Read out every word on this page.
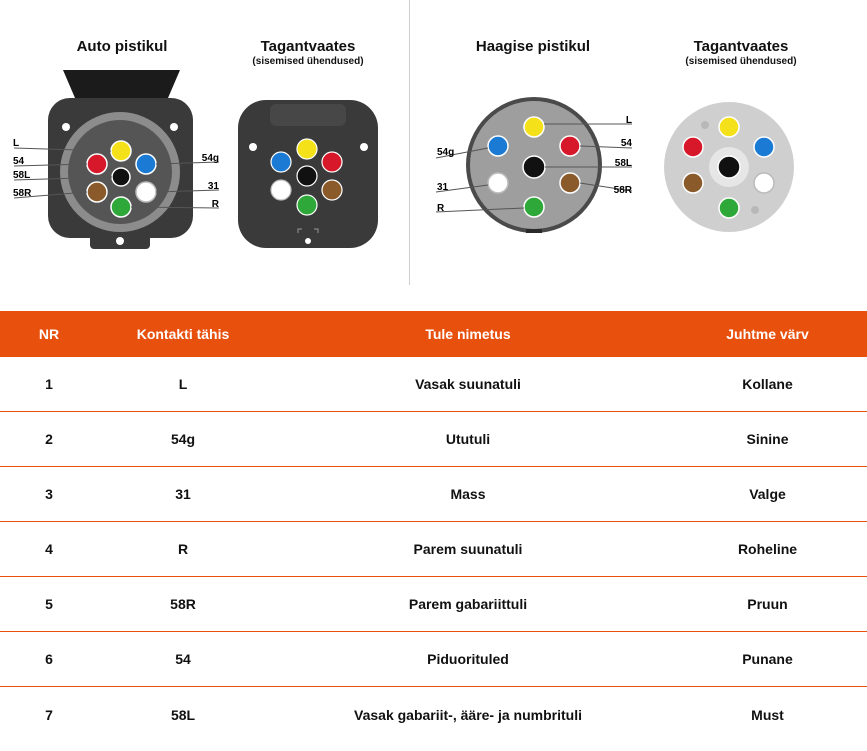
Auto pistikul	Tagantvaates
(sisemised ühendused)
Haagise pistikul	Tagantvaates
(sisemised ühendused)
L
54
58L
58R
54g
31
R
L
54g
54
58L
31	58R
R
NR	Kontakti tähis	Tule nimetus	Juhtme värv
1	L	Vasak suunatuli	Kollane
2	54g	Ututuli	Sinine
3	31	Mass	Valge
4	R	Parem suunatuli	Roheline
5	58R	Parem gabariittuli	Pruun
6	54	Piduorituled	Punane
7	58L	Vasak gabariit-, ääre- ja numbrituli	Must
